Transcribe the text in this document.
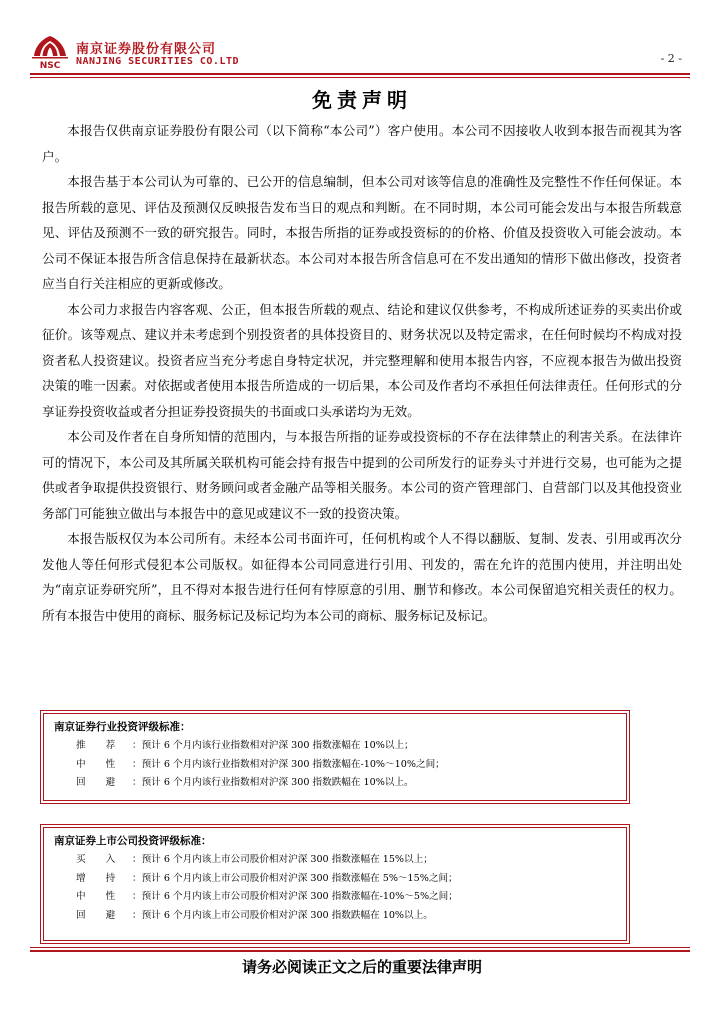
NSC
南京证券股份有限公司
NANJING SECURITIES CO.LTD	- 2 -
免责声明

本报告仅供南京证券股份有限公司（以下简称“本公司”）客户使用。本公司不因接收人收到本报告而视其为客户。

本报告基于本公司认为可靠的、已公开的信息编制，但本公司对该等信息的准确性及完整性不作任何保证。本报告所载的意见、评估及预测仅反映报告发布当日的观点和判断。在不同时期，本公司可能会发出与本报告所载意见、评估及预测不一致的研究报告。同时，本报告所指的证券或投资标的的价格、价值及投资收入可能会波动。本公司不保证本报告所含信息保持在最新状态。本公司对本报告所含信息可在不发出通知的情形下做出修改，投资者应当自行关注相应的更新或修改。

本公司力求报告内容客观、公正，但本报告所载的观点、结论和建议仅供参考，不构成所述证券的买卖出价或征价。该等观点、建议并未考虑到个别投资者的具体投资目的、财务状况以及特定需求，在任何时候均不构成对投资者私人投资建议。投资者应当充分考虑自身特定状况，并完整理解和使用本报告内容，不应视本报告为做出投资决策的唯一因素。对依据或者使用本报告所造成的一切后果，本公司及作者均不承担任何法律责任。任何形式的分享证券投资收益或者分担证券投资损失的书面或口头承诺均为无效。

本公司及作者在自身所知情的范围内，与本报告所指的证券或投资标的不存在法律禁止的利害关系。在法律许可的情况下，本公司及其所属关联机构可能会持有报告中提到的公司所发行的证券头寸并进行交易，也可能为之提供或者争取提供投资银行、财务顾问或者金融产品等相关服务。本公司的资产管理部门、自营部门以及其他投资业务部门可能独立做出与本报告中的意见或建议不一致的投资决策。

本报告版权仅为本公司所有。未经本公司书面许可，任何机构或个人不得以翻版、复制、发表、引用或再次分发他人等任何形式侵犯本公司版权。如征得本公司同意进行引用、刊发的，需在允许的范围内使用，并注明出处为“南京证券研究所”，且不得对本报告进行任何有悖原意的引用、删节和修改。本公司保留追究相关责任的权力。所有本报告中使用的商标、服务标记及标记均为本公司的商标、服务标记及标记。

南京证券行业投资评级标准：
推 荐 ：预计 6 个月内该行业指数相对沪深 300 指数涨幅在 10%以上；
中 性 ：预计 6 个月内该行业指数相对沪深 300 指数涨幅在-10%～10%之间；
回 避 ：预计 6 个月内该行业指数相对沪深 300 指数跌幅在 10%以上。
南京证券上市公司投资评级标准：
买 入 ：预计 6 个月内该上市公司股价相对沪深 300 指数涨幅在 15%以上；
增 持 ：预计 6 个月内该上市公司股价相对沪深 300 指数涨幅在 5%～15%之间；
中 性 ：预计 6 个月内该上市公司股价相对沪深 300 指数涨幅在-10%～5%之间；
回 避 ：预计 6 个月内该上市公司股价相对沪深 300 指数跌幅在 10%以上。
请务必阅读正文之后的重要法律声明
